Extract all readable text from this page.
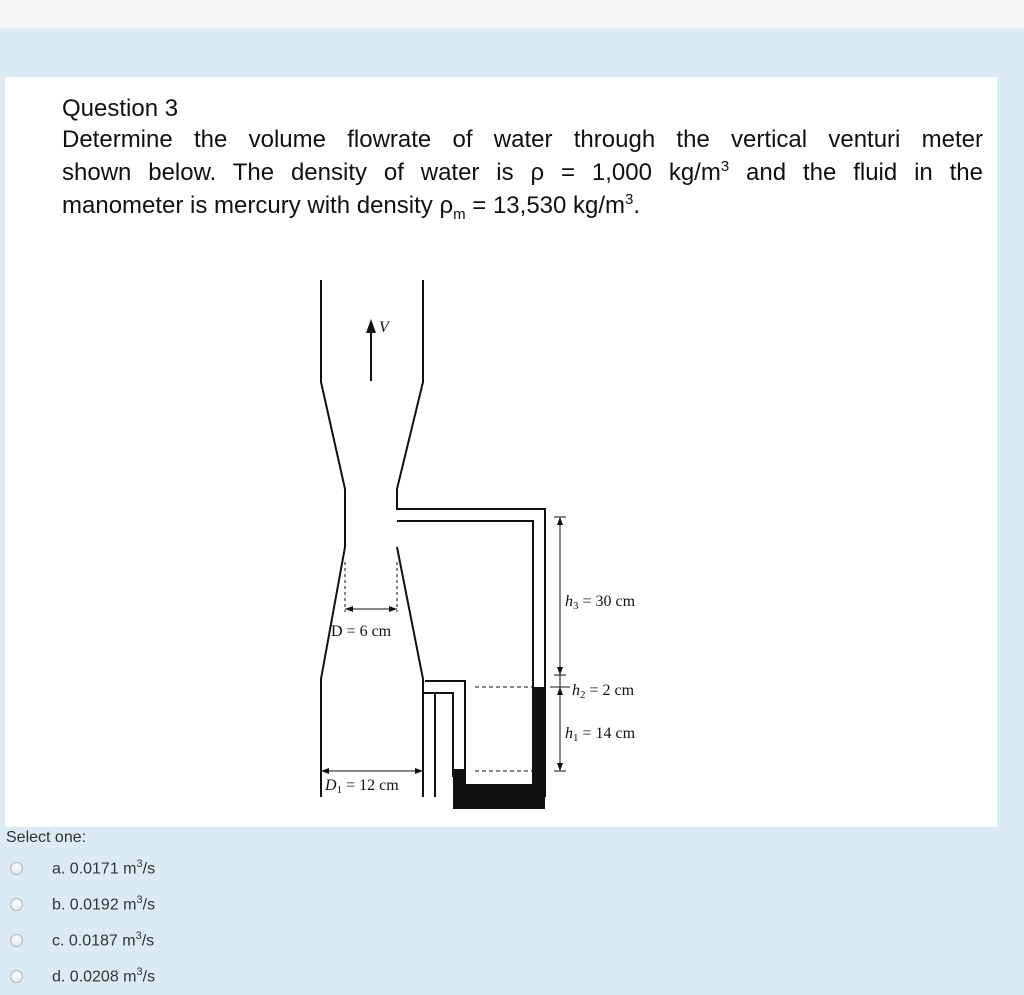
Question 3
Determine the volume flowrate of water through the vertical venturi meter
shown below. The density of water is ρ = 1,000 $kg/m^3$ and the fluid in the
manometer is mercury with density $\rho_m = 13,530$ $kg/m^3$.
V
D = 6 cm
D1 = 12 cm
h3 = 30 cm
h2 = 2 cm
h1 = 14 cm
Select one:
a. 0.0171 $m^3/s$
b. 0.0192 $m^3/s$
c. 0.0187 $m^3/s$
d. 0.0208 $m^3/s$
